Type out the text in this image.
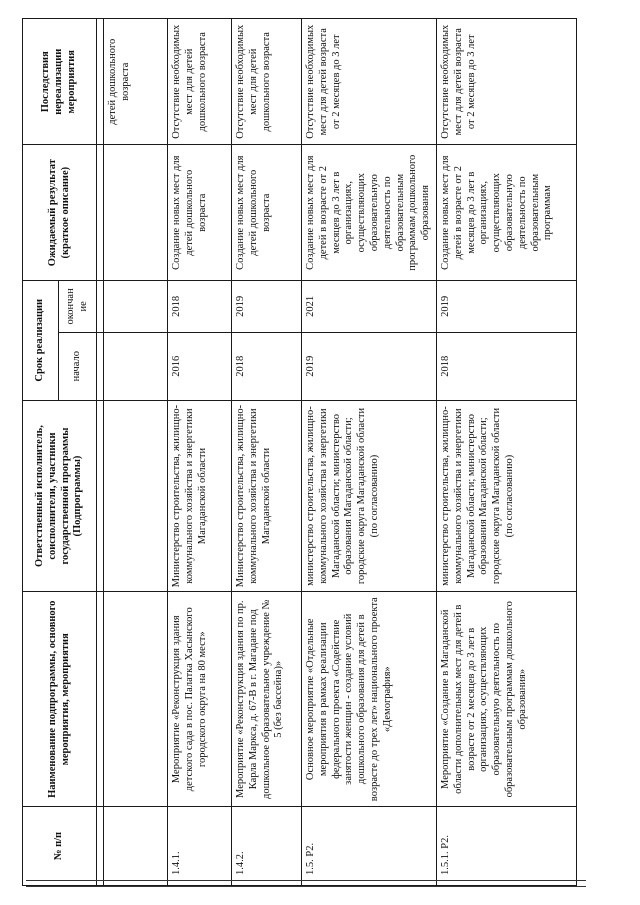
№ п/п	Наименование подпрограммы, основного мероприятия, мероприятия	Ответственный исполнитель, соисполнители, участники государственной программы (Подпрограммы)	Срок реализации		Ожидаемый результат (краткое описание)	Последствия нереализации мероприятия
			начало	окончан ие		

						детей дошкольного возраста
1.4.1.	Мероприятие «Реконструкция здания детского сада в пос. Палатка Хасынского городского округа на 80 мест»	Министерство строительства, жилищно-коммунального хозяйства и энергетики Магаданской области	2016	2018	Создание новых мест для детей дошкольного возраста	Отсутствие необходимых мест для детей дошкольного возраста
1.4.2.	Мероприятие «Реконструкция здания по пр. Карла Маркса, д. 67-В в г. Магадане под дошкольное образовательное учреждение № 5 (без бассейна)»	Министерство строительства, жилищно-коммунального хозяйства и энергетики Магаданской области	2018	2019	Создание новых мест для детей дошкольного возраста	Отсутствие необходимых мест для детей дошкольного возраста
1.5. Р2.	Основное мероприятие «Отдельные мероприятия в рамках реализации федерального проекта «Содействие занятости женщин - создание условий дошкольного образования для детей в возрасте до трех лет» национального проекта «Демография»	министерство строительства, жилищно-коммунального хозяйства и энергетики Магаданской области; министерство образования Магаданской области; городские округа Магаданской области (по согласованию)	2019	2021	Создание новых мест для детей в возрасте от 2 месяцев до 3 лет в организациях, осуществляющих образовательную деятельность по образовательным программам дошкольного образования	Отсутствие необходимых мест для детей возраста от 2 месяцев до 3 лет
1.5.1. Р2.	Мероприятие «Создание в Магаданской области дополнительных мест для детей в возрасте от 2 месяцев до 3 лет в организациях, осуществляющих образовательную деятельность по образовательным программам дошкольного образования»	министерство строительства, жилищно-коммунального хозяйства и энергетики Магаданской области; министерство образования Магаданской области; городские округа Магаданской области (по согласованию)	2018	2019	Создание новых мест для детей в возрасте от 2 месяцев до 3 лет в организациях, осуществляющих образовательную деятельность по образовательным программам	Отсутствие необходимых мест для детей возраста от 2 месяцев до 3 лет
